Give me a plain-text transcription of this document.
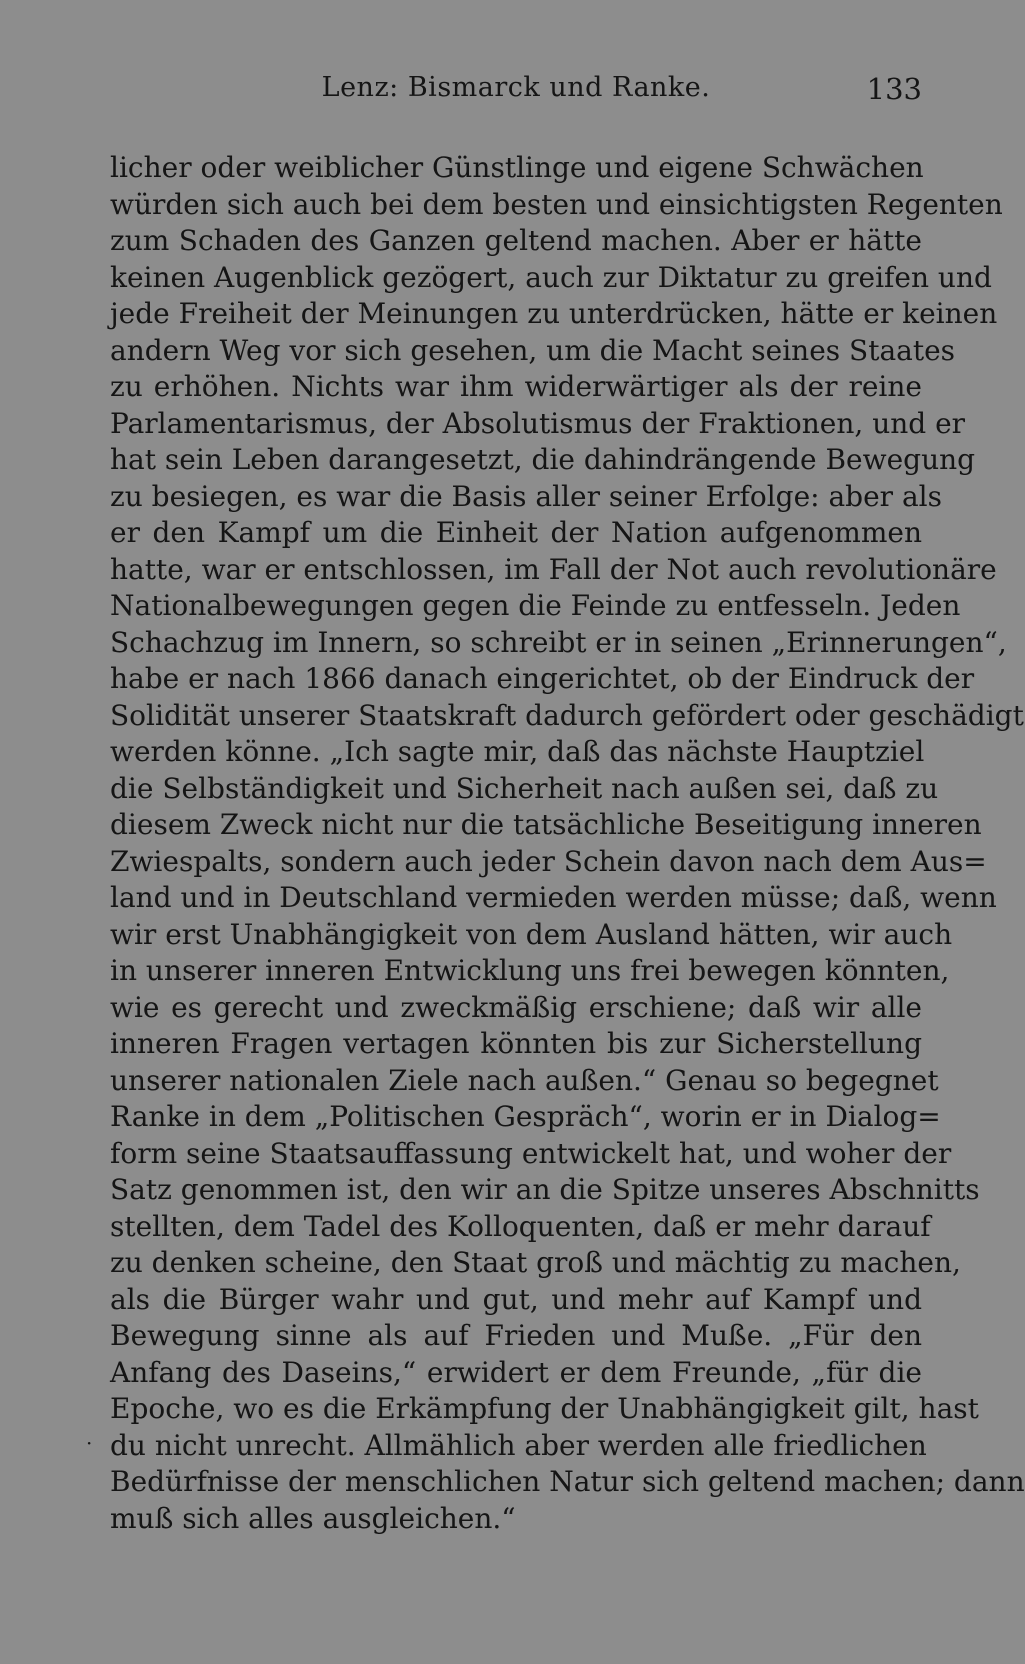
Lenz: Bismarck und Ranke.	133
·
licher oder weiblicher Günstlinge und eigene Schwächen
würden sich auch bei dem besten und einsichtigsten Regenten
zum Schaden des Ganzen geltend machen. Aber er hätte
keinen Augenblick gezögert, auch zur Diktatur zu greifen und
jede Freiheit der Meinungen zu unterdrücken, hätte er keinen
andern Weg vor sich gesehen, um die Macht seines Staates
zu erhöhen. Nichts war ihm widerwärtiger als der reine
Parlamentarismus, der Absolutismus der Fraktionen, und er
hat sein Leben darangesetzt, die dahindrängende Bewegung
zu besiegen, es war die Basis aller seiner Erfolge: aber als
er den Kampf um die Einheit der Nation aufgenommen
hatte, war er entschlossen, im Fall der Not auch revolutionäre
Nationalbewegungen gegen die Feinde zu entfesseln. Jeden
Schachzug im Innern, so schreibt er in seinen „Erinnerungen“,
habe er nach 1866 danach eingerichtet, ob der Eindruck der
Solidität unserer Staatskraft dadurch gefördert oder geschädigt
werden könne. „Ich sagte mir, daß das nächste Hauptziel
die Selbständigkeit und Sicherheit nach außen sei, daß zu
diesem Zweck nicht nur die tatsächliche Beseitigung inneren
Zwiespalts, sondern auch jeder Schein davon nach dem Aus=
land und in Deutschland vermieden werden müsse; daß, wenn
wir erst Unabhängigkeit von dem Ausland hätten, wir auch
in unserer inneren Entwicklung uns frei bewegen könnten,
wie es gerecht und zweckmäßig erschiene; daß wir alle
inneren Fragen vertagen könnten bis zur Sicherstellung
unserer nationalen Ziele nach außen.“ Genau so begegnet
Ranke in dem „Politischen Gespräch“, worin er in Dialog=
form seine Staatsauffassung entwickelt hat, und woher der
Satz genommen ist, den wir an die Spitze unseres Abschnitts
stellten, dem Tadel des Kolloquenten, daß er mehr darauf
zu denken scheine, den Staat groß und mächtig zu machen,
als die Bürger wahr und gut, und mehr auf Kampf und
Bewegung sinne als auf Frieden und Muße. „Für den
Anfang des Daseins,“ erwidert er dem Freunde, „für die
Epoche, wo es die Erkämpfung der Unabhängigkeit gilt, hast
du nicht unrecht. Allmählich aber werden alle friedlichen
Bedürfnisse der menschlichen Natur sich geltend machen; dann
muß sich alles ausgleichen.“
